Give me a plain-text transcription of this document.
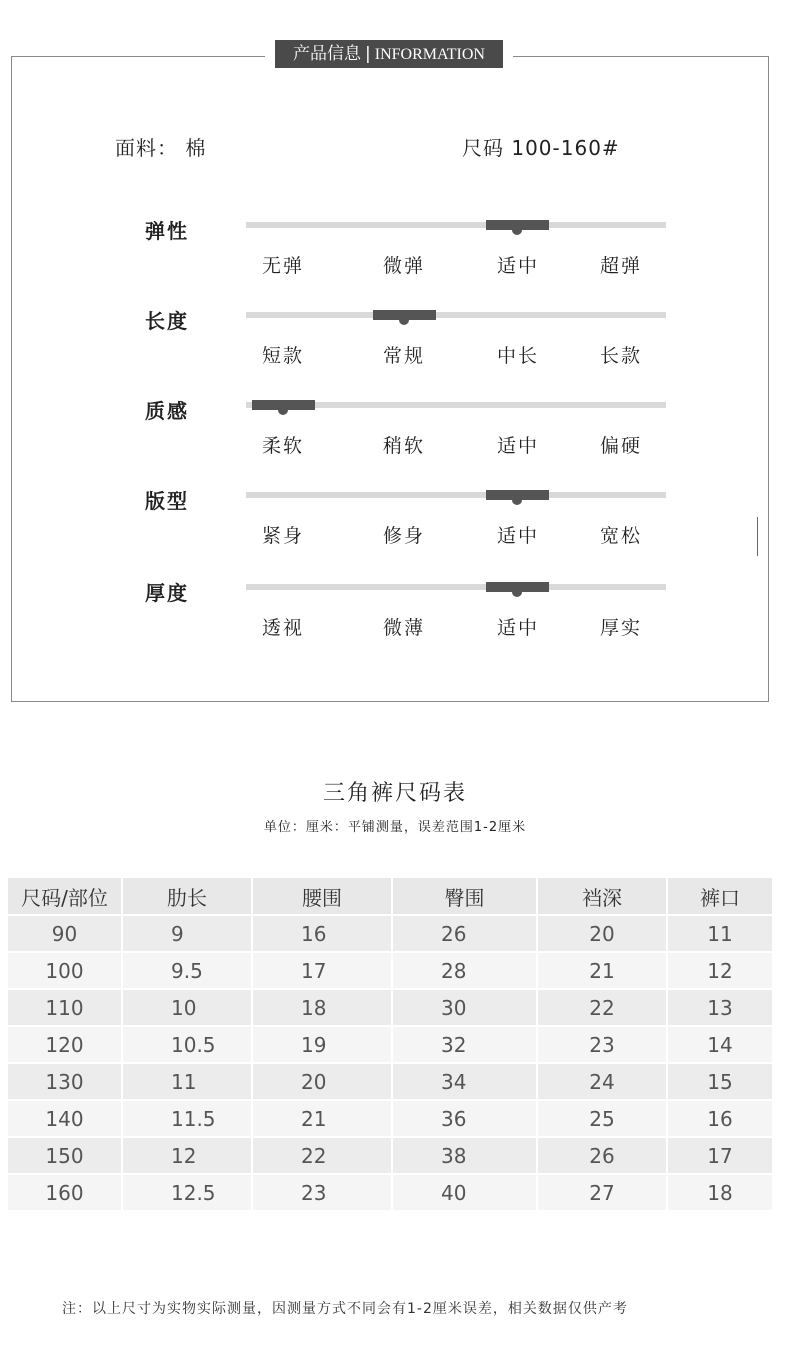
产品信息 | INFORMATION
面料： 棉	尺码 100-160#
弹性
无弹	微弹	适中	超弹
长度
短款	常规	中长	长款
质感
柔软	稍软	适中	偏硬
版型
紧身	修身	适中	宽松
厚度
透视	微薄	适中	厚实
三角裤尺码表
单位：厘米：平铺测量，误差范围1-2厘米
尺码/部位	肋长	腰围	臀围	裆深	裤口
90	9	16	26	20	11
100	9.5	17	28	21	12
110	10	18	30	22	13
120	10.5	19	32	23	14
130	11	20	34	24	15
140	11.5	21	36	25	16
150	12	22	38	26	17
160	12.5	23	40	27	18
注：以上尺寸为实物实际测量，因测量方式不同会有1-2厘米误差，相关数据仅供产考
